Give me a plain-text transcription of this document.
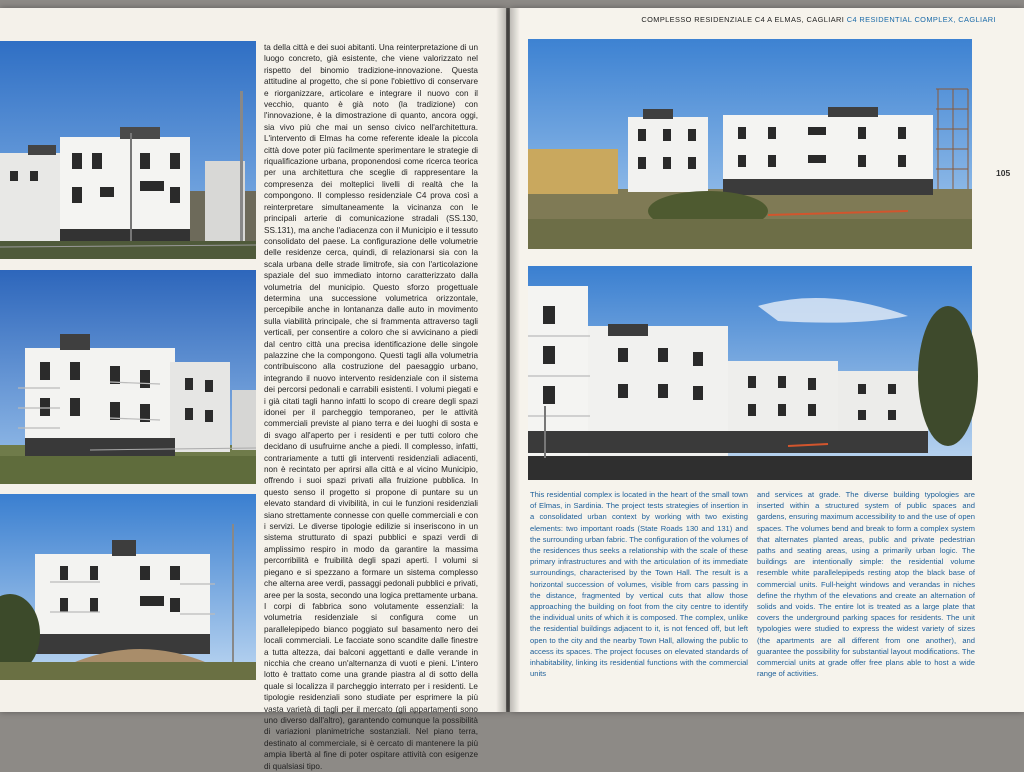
ta della città e dei suoi abitanti. Una reinterpretazione di un luogo concreto, già esistente, che viene valorizzato nel rispetto del binomio tradizione-innovazione. Questa attitudine al progetto, che si pone l'obiettivo di conservare e riorganizzare, articolare e integrare il nuovo con il vecchio, quanto è già noto (la tradizione) con l'innovazione, è la dimostrazione di quanto, ancora oggi, sia vivo più che mai un senso civico nell'architettura. L'intervento di Elmas ha come referente ideale la piccola città dove poter più facilmente sperimentare le strategie di riqualificazione urbana, proponendosi come ricerca teorica per una architettura che sceglie di rappresentare la compresenza dei molteplici livelli di realtà che la compongono. Il complesso residenziale C4 prova così a reinterpretare simultaneamente la vicinanza con le principali arterie di comunicazione stradali (SS.130, SS.131), ma anche l'adiacenza con il Municipio e il tessuto consolidato del paese. La configurazione delle volumetrie delle residenze cerca, quindi, di relazionarsi sia con la scala urbana delle strade limitrofe, sia con l'articolazione spaziale del suo immediato intorno caratterizzato dalla volumetria del municipio. Questo sforzo progettuale determina una successione volumetrica orizzontale, percepibile anche in lontananza dalle auto in movimento sulla viabilità principale, che si frammenta attraverso tagli verticali, per consentire a coloro che si avvicinano a piedi dal centro città una precisa identificazione delle singole palazzine che la compongono. Questi tagli alla volumetria contribuiscono alla costruzione del paesaggio urbano, integrando il nuovo intervento residenziale con il sistema dei percorsi pedonali e carrabili esistenti. I volumi piegati e i già citati tagli hanno infatti lo scopo di creare degli spazi idonei per il parcheggio temporaneo, per le attività commerciali previste al piano terra e dei luoghi di sosta e di svago all'aperto per i residenti e per tutti coloro che decidano di usufruirne anche a piedi. Il complesso, infatti, contrariamente a tutti gli interventi residenziali adiacenti, non è recintato per aprirsi alla città e al vicino Municipio, offrendo i suoi spazi privati alla fruizione pubblica. In questo senso il progetto si propone di puntare su un elevato standard di vivibilità, in cui le funzioni residenziali siano strettamente connesse con quelle commerciali e con i servizi. Le diverse tipologie edilizie si inseriscono in un sistema strutturato di spazi pubblici e spazi verdi di amplissimo respiro in modo da garantire la massima percorribilità e fruibilità degli spazi aperti. I volumi si piegano e si spezzano a formare un sistema complesso che alterna aree verdi, passaggi pedonali pubblici e privati, aree per la sosta, secondo una logica prettamente urbana. I corpi di fabbrica sono volutamente essenziali: la volumetria residenziale si configura come un parallelepipedo bianco poggiato sul basamento nero dei locali commerciali. Le facciate sono scandite dalle finestre a tutta altezza, dai balconi aggettanti e dalle verande in nicchia che creano un'alternanza di vuoti e pieni. L'intero lotto è trattato come una grande piastra al di sotto della quale si localizza il parcheggio interrato per i residenti. Le tipologie residenziali sono studiate per esprimere la più vasta varietà di tagli per il mercato (gli appartamenti sono uno diverso dall'altro), garantendo comunque la possibilità di variazioni planimetriche sostanziali. Nel piano terra, destinato al commerciale, si è cercato di mantenere la più ampia libertà al fine di poter ospitare attività con esigenze di qualsiasi tipo.

COMPLESSO RESIDENZIALE C4 A ELMAS, CAGLIARI C4 RESIDENTIAL COMPLEX, CAGLIARI
105

This residential complex is located in the heart of the small town of Elmas, in Sardinia. The project tests strategies of insertion in a consolidated urban context by working with two existing elements: two important roads (State Roads 130 and 131) and the surrounding urban fabric. The configuration of the volumes of the residences thus seeks a relationship with the scale of these primary infrastructures and with the articulation of its immediate surroundings, characterised by the Town Hall. The result is a horizontal succession of volumes, visible from cars passing in the distance, fragmented by vertical cuts that allow those approaching the building on foot from the city centre to identify the individual units of which it is composed. The complex, unlike the residential buildings adjacent to it, is not fenced off, but left open to the city and the nearby Town Hall, allowing the public to access its spaces. The project focuses on elevated standards of inhabitability, linking its residential functions with the commercial units

and services at grade. The diverse building typologies are inserted within a structured system of public spaces and gardens, ensuring maximum accessibility to and the use of open spaces. The volumes bend and break to form a complex system that alternates planted areas, public and private pedestrian paths and seating areas, using a primarily urban logic. The buildings are intentionally simple: the residential volume resemble white parallelepipeds resting atop the black base of commercial units. Full-height windows and verandas in niches define the rhythm of the elevations and create an alternation of solids and voids. The entire lot is treated as a large plate that covers the underground parking spaces for residents. The unit typologies were studied to express the widest variety of sizes (the apartments are all different from one another), and guarantee the possibility for substantial layout modifications. The commercial units at grade offer free plans able to host a wide range of activities.
